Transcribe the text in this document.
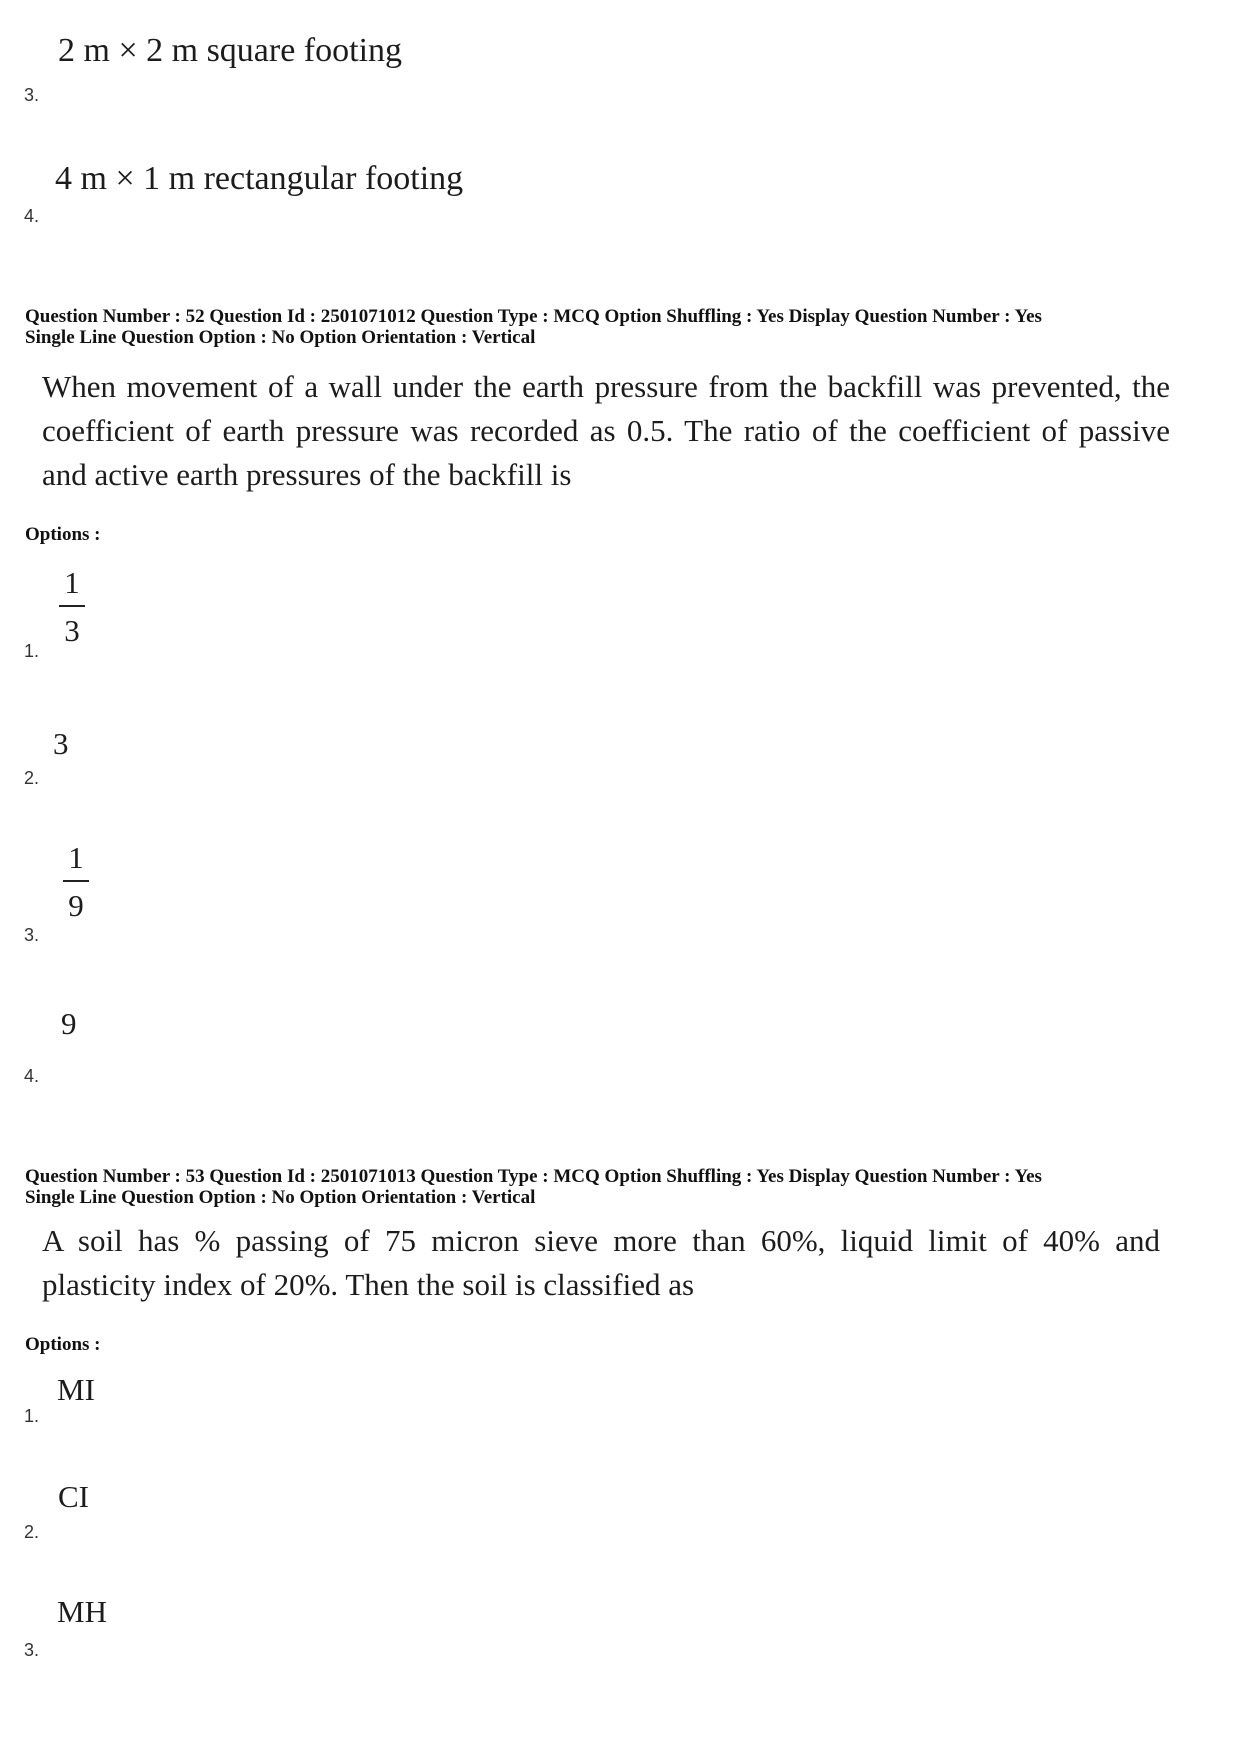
2 m × 2 m square footing
3.
4 m × 1 m rectangular footing
4.
Question Number : 52 Question Id : 2501071012 Question Type : MCQ Option Shuffling : Yes Display Question Number : Yes
Single Line Question Option : No Option Orientation : Vertical
When movement of a wall under the earth pressure from the backfill was prevented, the coefficient of earth pressure was recorded as 0.5. The ratio of the coefficient of passive and active earth pressures of the backfill is
Options :
1
3
1.
3
2.
1
9
3.
9
4.
Question Number : 53 Question Id : 2501071013 Question Type : MCQ Option Shuffling : Yes Display Question Number : Yes
Single Line Question Option : No Option Orientation : Vertical
A soil has % passing of 75 micron sieve more than 60%, liquid limit of 40% and plasticity index of 20%. Then the soil is classified as
Options :
MI
1.
CI
2.
MH
3.
